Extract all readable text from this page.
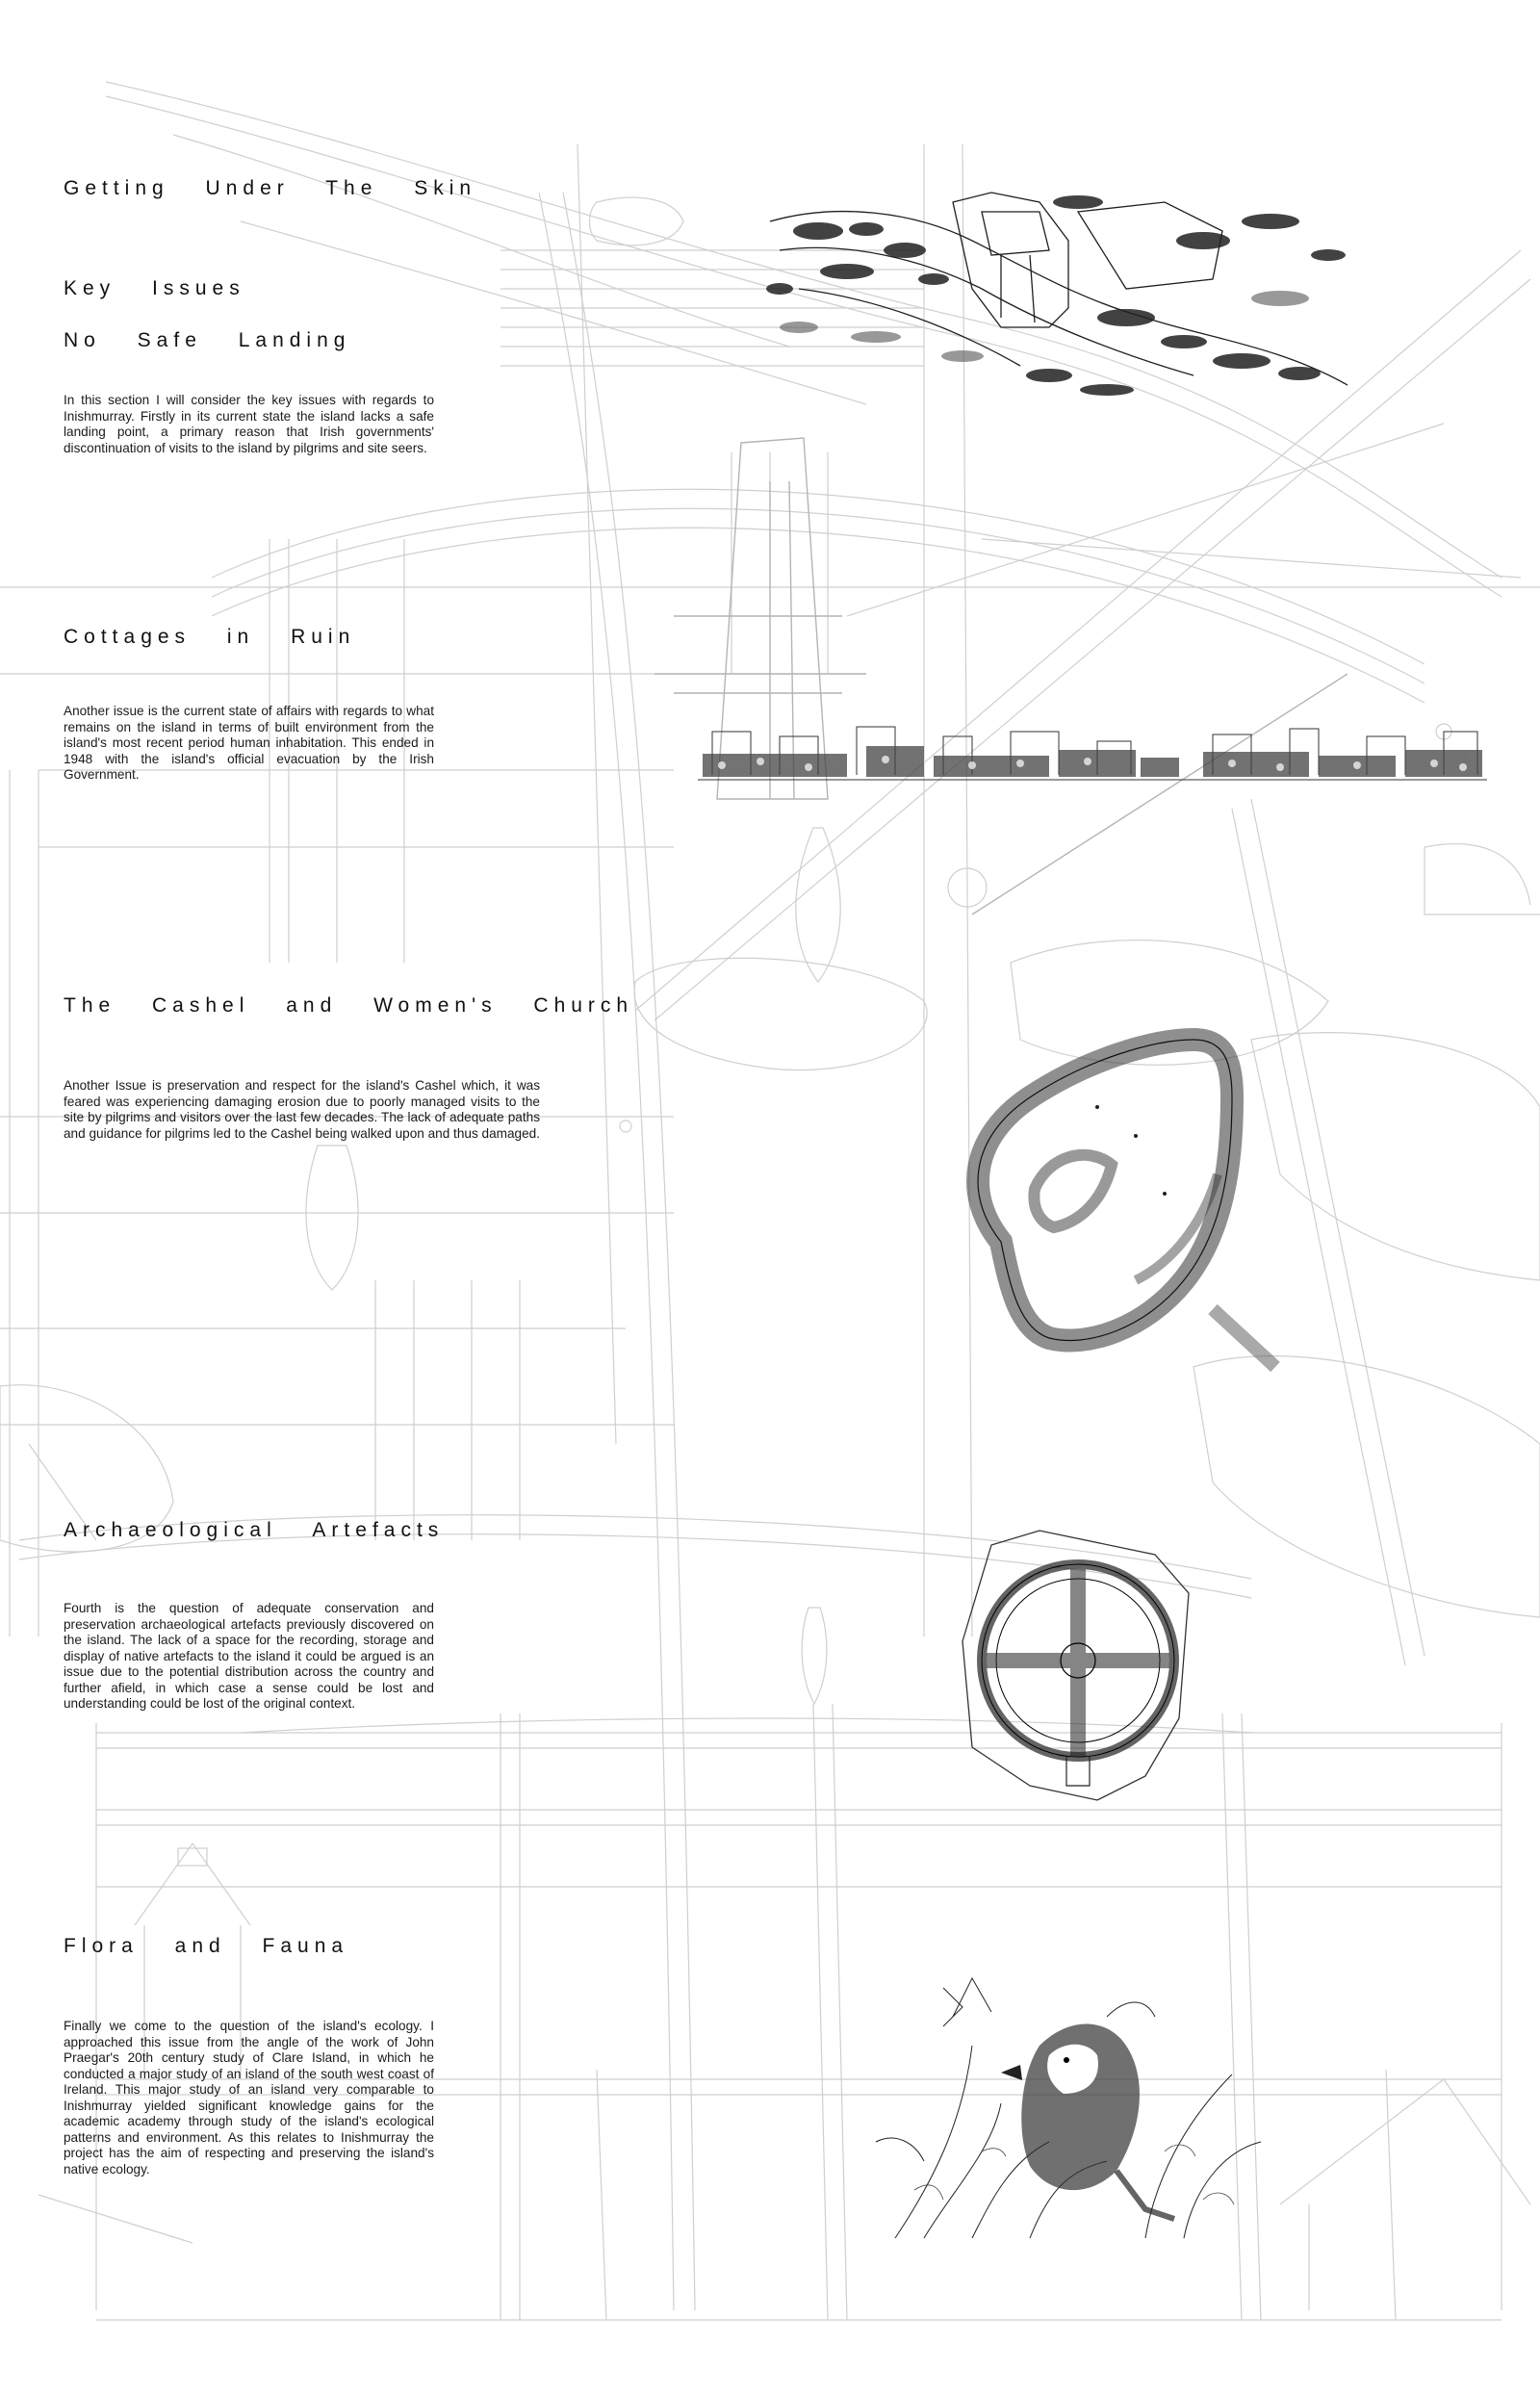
Getting Under The Skin
Key Issues
No Safe Landing

In this section I will consider the key issues with regards to Inishmurray. Firstly in its current state the island lacks a safe landing point, a primary reason that Irish governments' discontinuation of visits to the island by pilgrims and site seers.

Cottages in Ruin

Another issue is the current state of affairs with regards to what remains on the island in terms of built environment from the island's most recent period human inhabitation. This ended in 1948 with the island's official evacuation by the Irish Government.

The Cashel and Women's Church

Another Issue is preservation and respect for the island's Cashel which, it was feared was experiencing damaging erosion due to poorly managed visits to the site by pilgrims and visitors over the last few decades. The lack of adequate paths and guidance for pilgrims led to the Cashel being walked upon and thus damaged.

Archaeological Artefacts

Fourth is the question of adequate conservation and preservation archaeological artefacts previously discovered on the island. The lack of a space for the recording, storage and display of native artefacts to the island it could be argued is an issue due to the potential distribution across the country and further afield, in which case a sense could be lost and understanding could be lost of the original context.

Flora and Fauna

Finally we come to the question of the island's ecology. I approached this issue from the angle of the work of John Praegar's 20th century study of Clare Island, in which he conducted a major study of an island of the south west coast of Ireland. This major study of an island very comparable to Inishmurray yielded significant knowledge gains for the academic academy through study of the island's ecological patterns and environment. As this relates to Inishmurray the project has the aim of respecting and preserving the island's native ecology.
